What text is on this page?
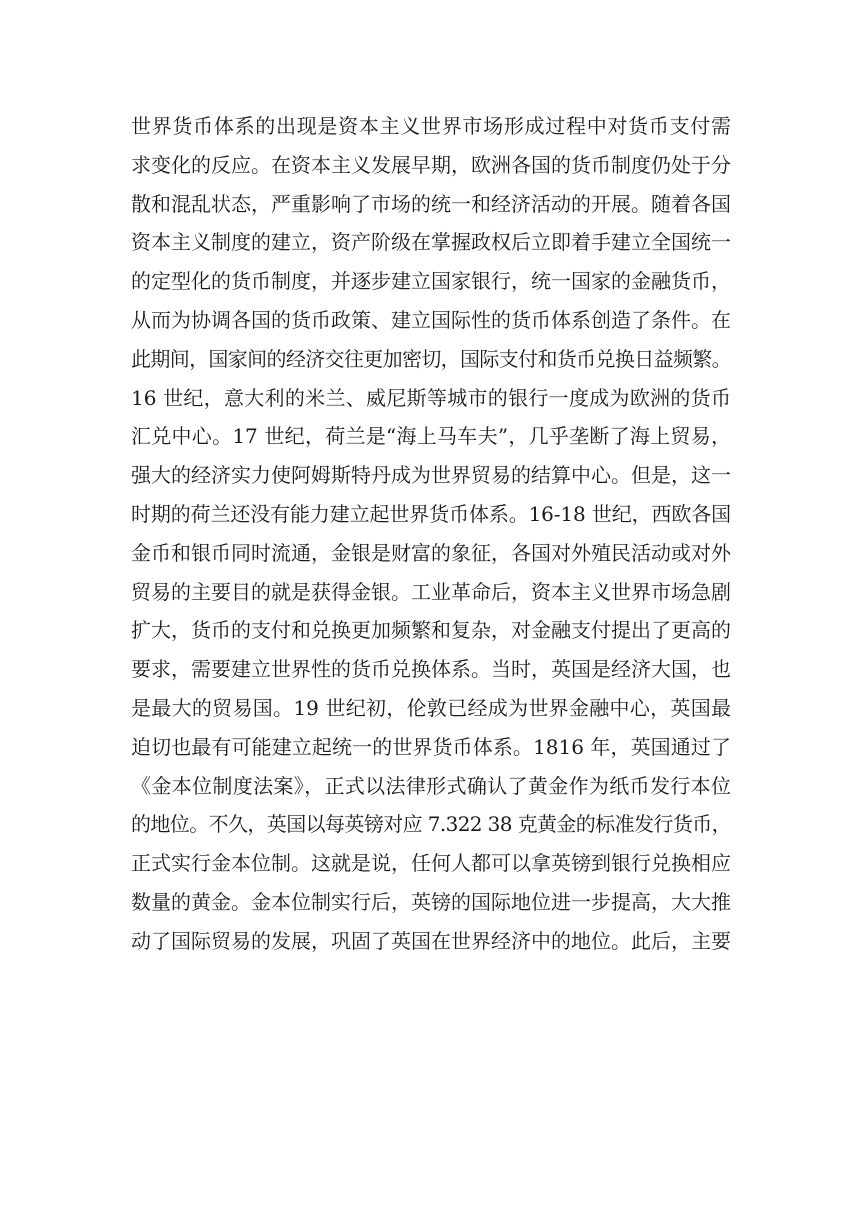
世界货币体系的出现是资本主义世界市场形成过程中对货币支付需
求变化的反应。在资本主义发展早期，欧洲各国的货币制度仍处于分
散和混乱状态，严重影响了市场的统一和经济活动的开展。随着各国
资本主义制度的建立，资产阶级在掌握政权后立即着手建立全国统一
的定型化的货币制度，并逐步建立国家银行，统一国家的金融货币，
从而为协调各国的货币政策、建立国际性的货币体系创造了条件。在
此期间，国家间的经济交往更加密切，国际支付和货币兑换日益频繁。
16 世纪，意大利的米兰、威尼斯等城市的银行一度成为欧洲的货币
汇兑中心。17 世纪，荷兰是“海上马车夫”，几乎垄断了海上贸易，
强大的经济实力使阿姆斯特丹成为世界贸易的结算中心。但是，这一
时期的荷兰还没有能力建立起世界货币体系。16-18 世纪，西欧各国
金币和银币同时流通，金银是财富的象征，各国对外殖民活动或对外
贸易的主要目的就是获得金银。工业革命后，资本主义世界市场急剧
扩大，货币的支付和兑换更加频繁和复杂，对金融支付提出了更高的
要求，需要建立世界性的货币兑换体系。当时，英国是经济大国，也
是最大的贸易国。19 世纪初，伦敦已经成为世界金融中心，英国最
迫切也最有可能建立起统一的世界货币体系。1816 年，英国通过了
《金本位制度法案》，正式以法律形式确认了黄金作为纸币发行本位
的地位。不久，英国以每英镑对应 7.322 38 克黄金的标准发行货币，
正式实行金本位制。这就是说，任何人都可以拿英镑到银行兑换相应
数量的黄金。金本位制实行后，英镑的国际地位进一步提高，大大推
动了国际贸易的发展，巩固了英国在世界经济中的地位。此后，主要
